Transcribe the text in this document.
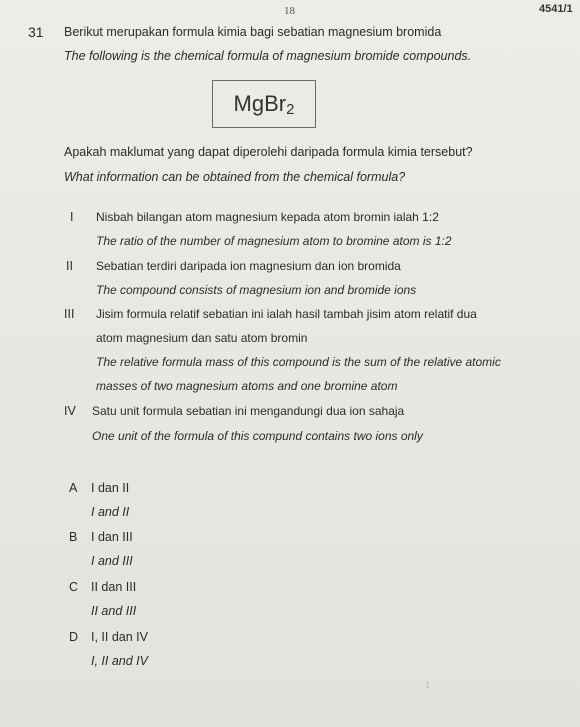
18	4541/1
31 Berikut merupakan formula kimia bagi sebatian magnesium bromida
The following is the chemical formula of magnesium bromide compounds.
MgBr 2
Apakah maklumat yang dapat diperolehi daripada formula kimia tersebut?
What information can be obtained from the chemical formula?
I Nisbah bilangan atom magnesium kepada atom bromin ialah 1:2
The ratio of the number of magnesium atom to bromine atom is 1:2
II Sebatian terdiri daripada ion magnesium dan ion bromida
The compound consists of magnesium ion and bromide ions
III Jisim formula relatif sebatian ini ialah hasil tambah jisim atom relatif dua
atom magnesium dan satu atom bromin
The relative formula mass of this compound is the sum of the relative atomic
masses of two magnesium atoms and one bromine atom
IV Satu unit formula sebatian ini mengandungi dua ion sahaja
One unit of the formula of this compund contains two ions only
A I dan II
I and II
B I dan III
I and III
C II dan III
II and III
D I, II dan IV
I, II and IV
1
